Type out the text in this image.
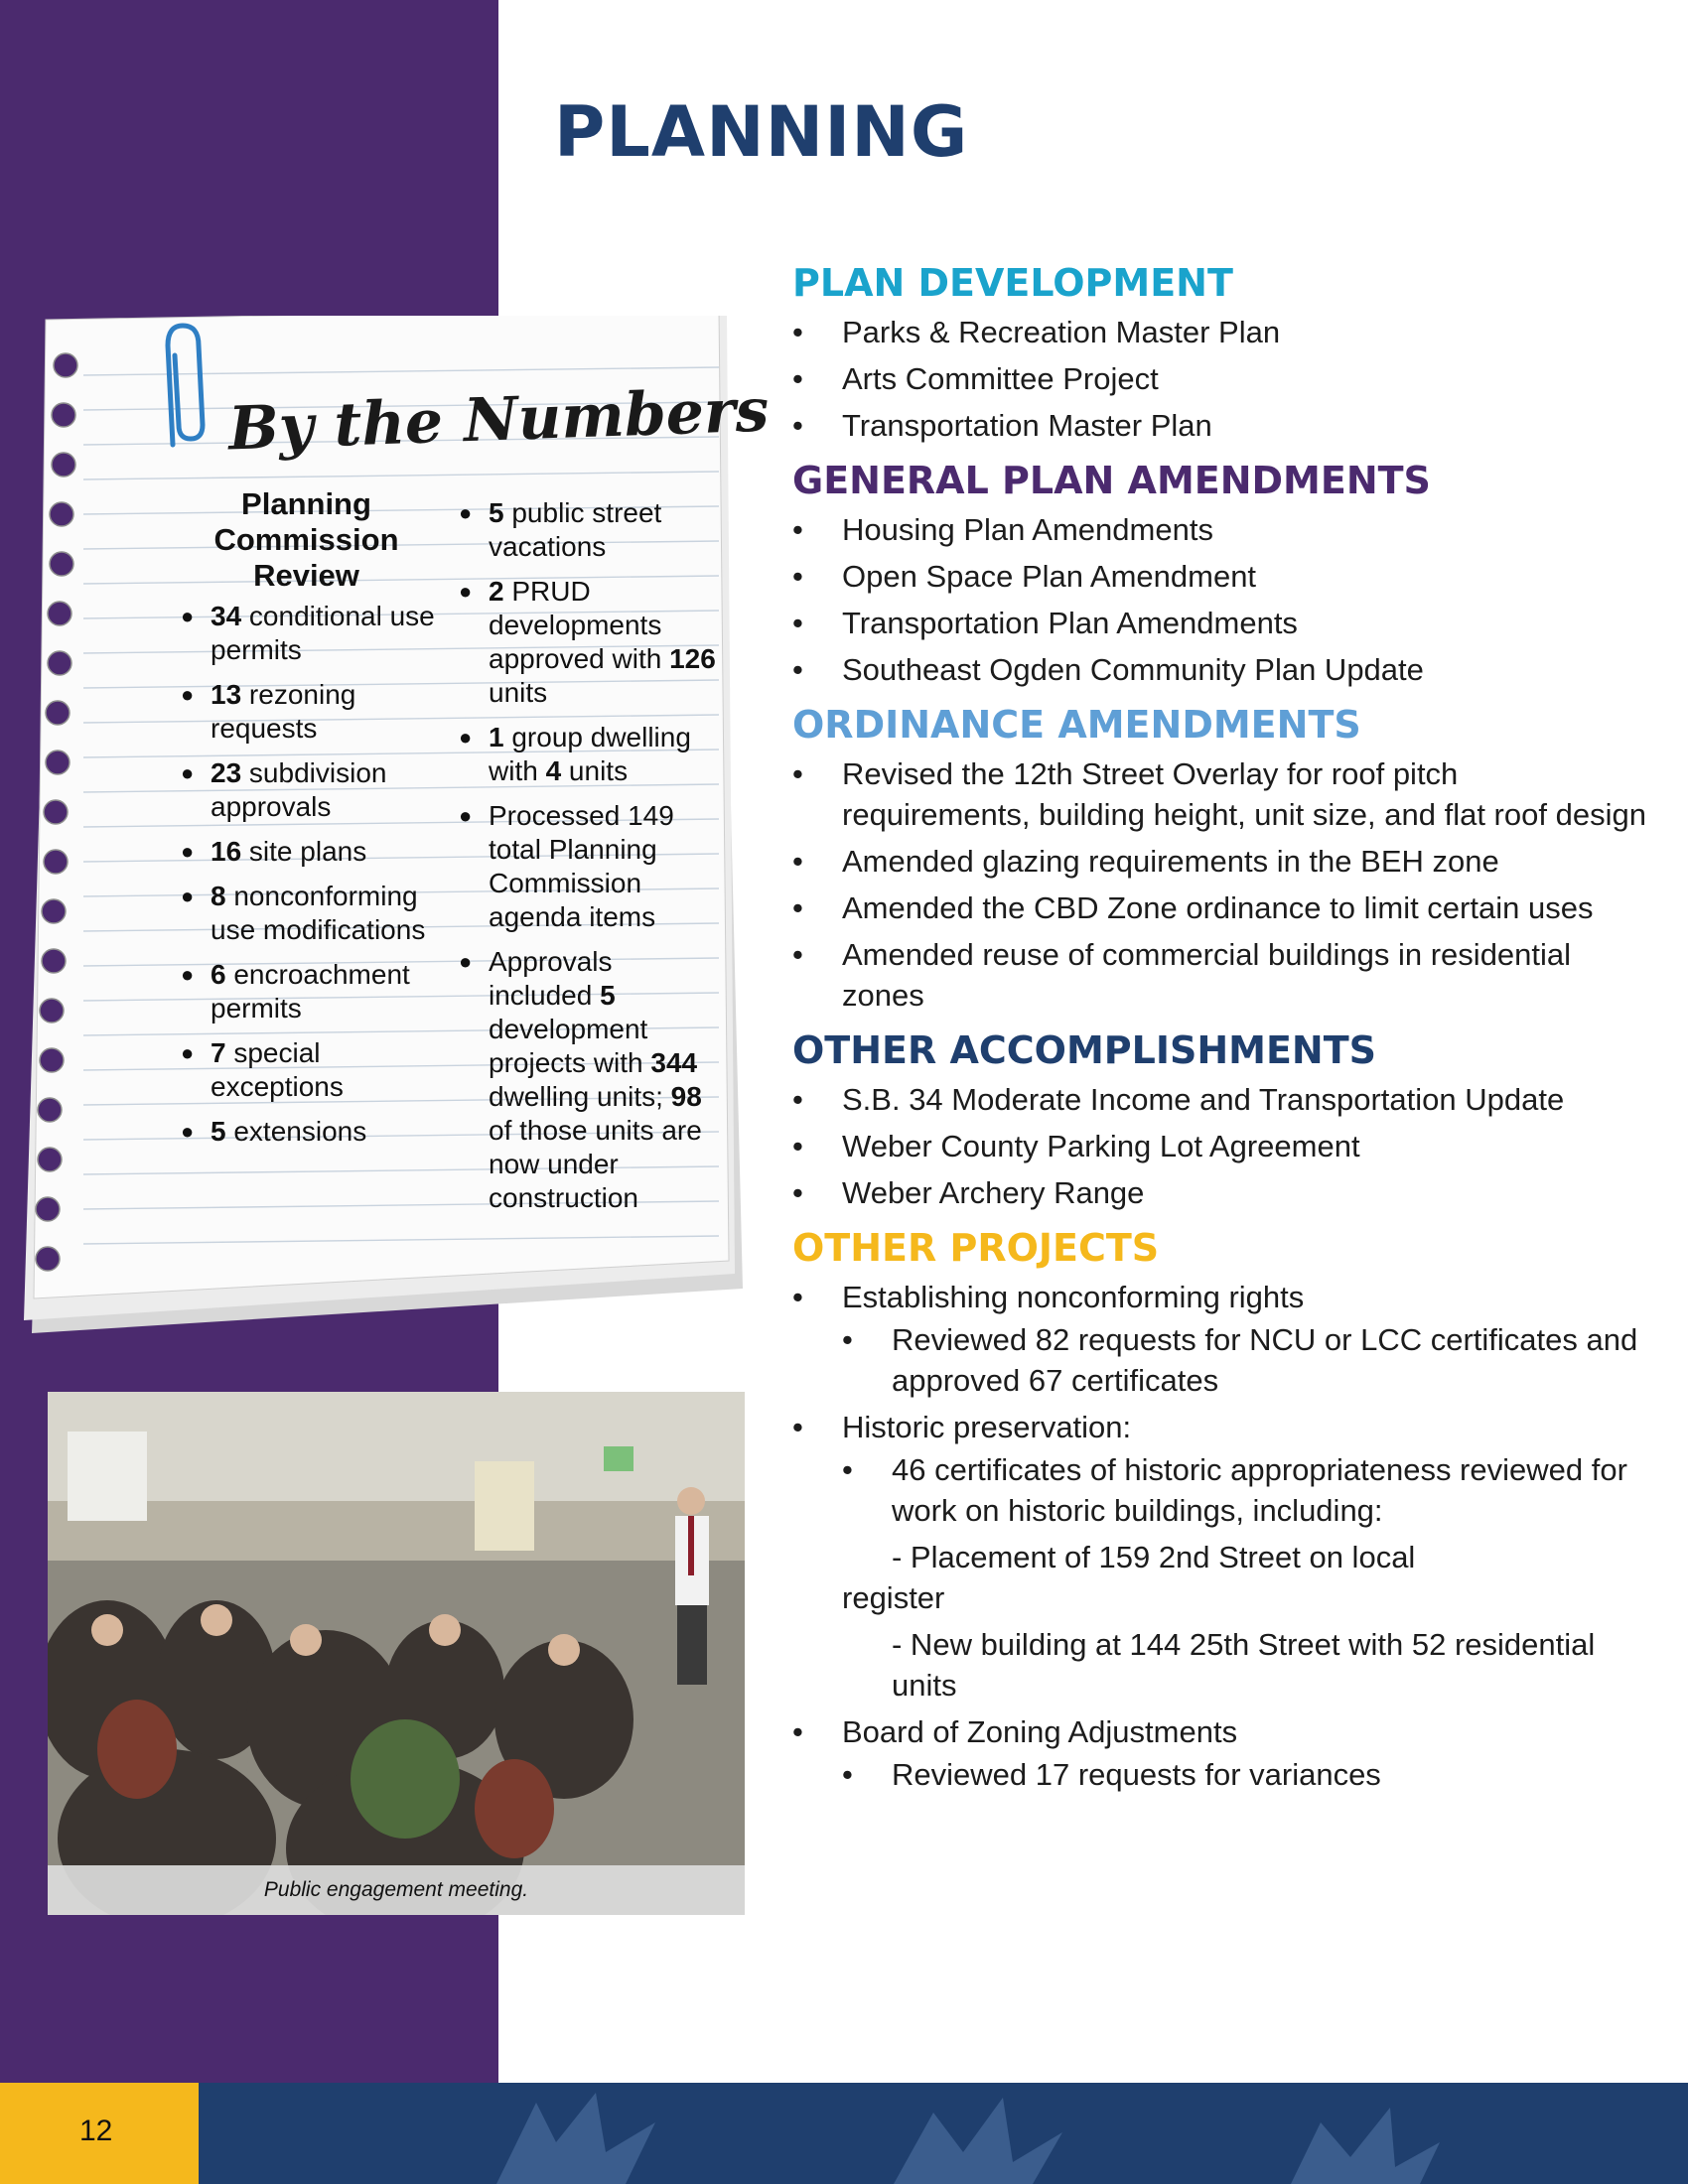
PLANNING
By the Numbers

Planning Commission Review

● 34 conditional use permits
● 13 rezoning requests
● 23 subdivision approvals
● 16 site plans
● 8 nonconforming use modifications
● 6 encroachment permits
● 7 special exceptions
● 5 extensions
● 5 public street vacations
● 2 PRUD developments approved with 126 units
● 1 group dwelling with 4 units
● Processed 149 total Planning Commission agenda items
● Approvals included 5 development projects with 344 dwelling units; 98 of those units are now under construction
Public engagement meeting.
PLAN DEVELOPMENT
• Parks & Recreation Master Plan
• Arts Committee Project
• Transportation Master Plan
GENERAL PLAN AMENDMENTS
• Housing Plan Amendments
• Open Space Plan Amendment
• Transportation Plan Amendments
• Southeast Ogden Community Plan Update
ORDINANCE AMENDMENTS
• Revised the 12th Street Overlay for roof pitch requirements, building height, unit size, and flat roof design
• Amended glazing requirements in the BEH zone
• Amended the CBD Zone ordinance to limit certain uses
• Amended reuse of commercial buildings in residential zones
OTHER ACCOMPLISHMENTS
• S.B. 34 Moderate Income and Transportation Update
• Weber County Parking Lot Agreement
• Weber Archery Range
OTHER PROJECTS
• Establishing nonconforming rights
• Reviewed 82 requests for NCU or LCC certificates and approved 67 certificates
• Historic preservation:
• 46 certificates of historic appropriateness reviewed for work on historic buildings, including:

- Placement of 159 2nd Street on local

register

- New building at 144 25th Street with 52 residential units

• Board of Zoning Adjustments
• Reviewed 17 requests for variances
12
